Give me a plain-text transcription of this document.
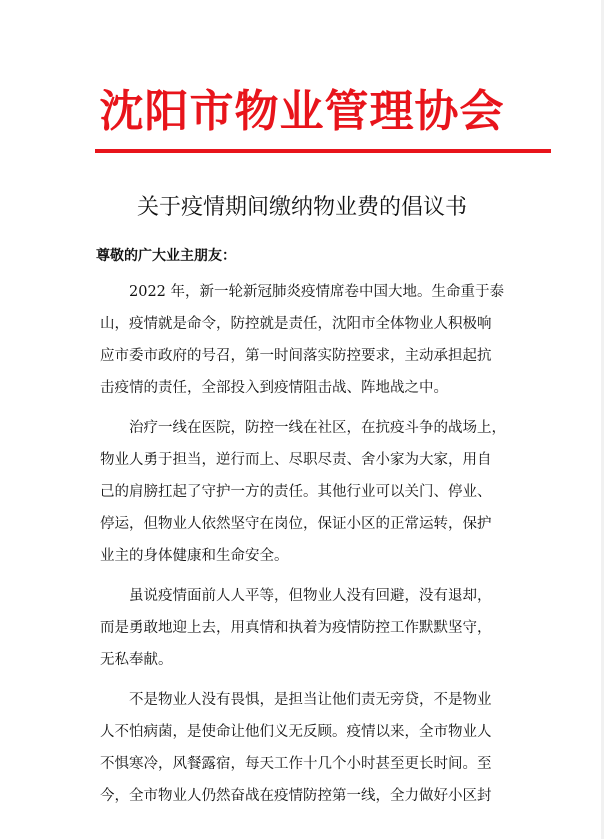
沈阳市物业管理协会
关于疫情期间缴纳物业费的倡议书
尊敬的广大业主朋友：

2022 年，新一轮新冠肺炎疫情席卷中国大地。生命重于泰
山，疫情就是命令，防控就是责任，沈阳市全体物业人积极响
应市委市政府的号召，第一时间落实防控要求，主动承担起抗
击疫情的责任，全部投入到疫情阻击战、阵地战之中。

治疗一线在医院，防控一线在社区，在抗疫斗争的战场上，
物业人勇于担当，逆行而上、尽职尽责、舍小家为大家，用自
己的肩膀扛起了守护一方的责任。其他行业可以关门、停业、
停运，但物业人依然坚守在岗位，保证小区的正常运转，保护
业主的身体健康和生命安全。

虽说疫情面前人人平等，但物业人没有回避，没有退却，
而是勇敢地迎上去，用真情和执着为疫情防控工作默默坚守，
无私奉献。

不是物业人没有畏惧，是担当让他们责无旁贷，不是物业
人不怕病菌，是使命让他们义无反顾。疫情以来，全市物业人
不惧寒冷，风餐露宿，每天工作十几个小时甚至更长时间。至
今，全市物业人仍然奋战在疫情防控第一线，全力做好小区封
